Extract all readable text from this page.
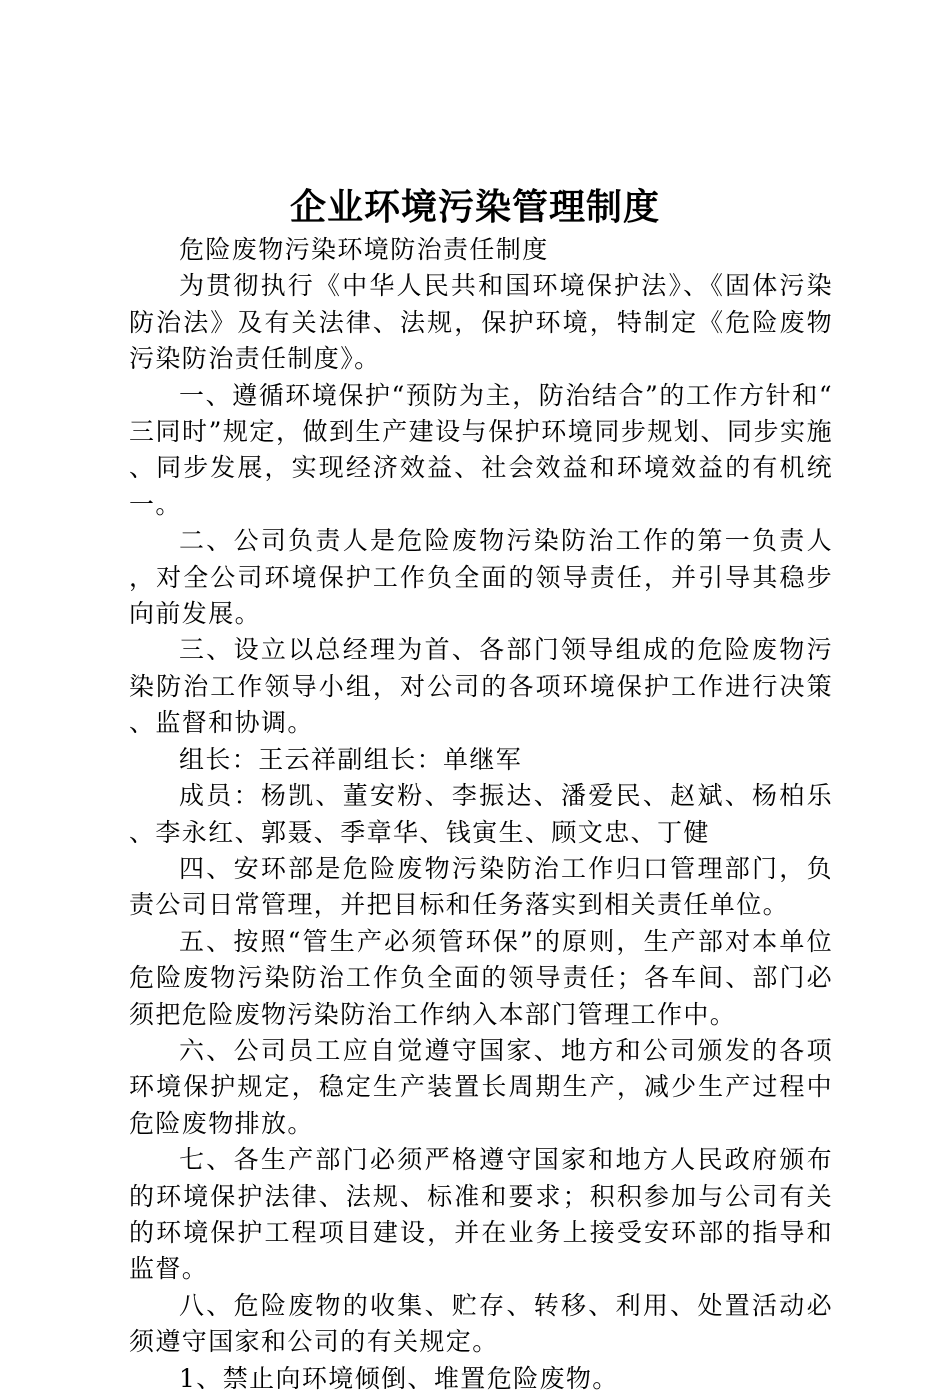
企业环境污染管理制度

危险废物污染环境防治责任制度

为贯彻执行《中华人民共和国环境保护法》、《固体污染防治法》及有关法律、法规，保护环境，特制定《危险废物污染防治责任制度》。

一、遵循环境保护“预防为主，防治结合”的工作方针和“三同时”规定，做到生产建设与保护环境同步规划、同步实施、同步发展，实现经济效益、社会效益和环境效益的有机统一。

二、公司负责人是危险废物污染防治工作的第一负责人，对全公司环境保护工作负全面的领导责任，并引导其稳步向前发展。

三、设立以总经理为首、各部门领导组成的危险废物污染防治工作领导小组，对公司的各项环境保护工作进行决策、监督和协调。

组长：王云祥副组长：单继军

成员：杨凯、董安粉、李振达、潘爱民、赵斌、杨柏乐、李永红、郭聂、季章华、钱寅生、顾文忠、丁健

四、安环部是危险废物污染防治工作归口管理部门，负责公司日常管理，并把目标和任务落实到相关责任单位。

五、按照“管生产必须管环保”的原则，生产部对本单位危险废物污染防治工作负全面的领导责任；各车间、部门必须把危险废物污染防治工作纳入本部门管理工作中。

六、公司员工应自觉遵守国家、地方和公司颁发的各项环境保护规定，稳定生产装置长周期生产，减少生产过程中危险废物排放。

七、各生产部门必须严格遵守国家和地方人民政府颁布的环境保护法律、法规、标准和要求；积积参加与公司有关的环境保护工程项目建设，并在业务上接受安环部的指导和监督。

八、危险废物的收集、贮存、转移、利用、处置活动必须遵守国家和公司的有关规定。

1、禁止向环境倾倒、堆置危险废物。
